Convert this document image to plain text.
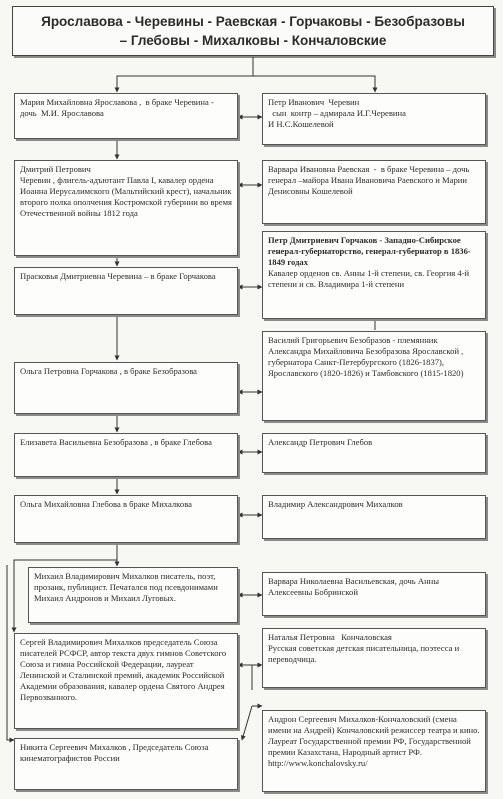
Ярославова - Черевины - Раевская - Горчаковы - Безобразовы
– Глебовы - Михалковы - Кончаловские
Мария Михайловна Ярославова ,  в браке Черевина - дочь  М.И. Ярославова
Петр Иванович  Черевин
сын  контр – адмирала И.Г.Черевина
И Н.С.Кошелевой
Дмитрий Петрович
Черевин , флигель-адъютант Павла I, кавалер ордена Иоанна Иерусалимского (Мальтийский крест), начальник второго полка ополчения Костромской губернии во время Отечественной войны 1812 года
Варвара Ивановна Раевская  -  в браке Черевина – дочь  генерал –майора Ивана Ивановича Раевского и Марии Денисовны Кошелевой
Петр Дмитриевич Горчаков - Западно-Сибирское генерал-губернаторство, генерал-губернатор в 1836-1849 годах
Кавалер орденов св. Анны 1-й степени, св. Георгия 4-й степени и св. Владимира 1-й степени
Прасковья Дмитриевна Черевина – в браке Горчакова
Василий Григорьевич Безобразов - племянник Александра Михайловича Безобразова Ярославской , губернатора Санкт-Петербургского (1826-1837), Ярославского (1820-1826) и Тамбовского (1815-1820)
Ольга Петровна Горчакова , в браке Безобразова
Елизавета Васильевна Безобразова , в браке Глебова	Александр Петрович Глебов
Ольга Михайловна Глебова в браке Михалкова	Владимир Александрович Михалков
Михаил Владимирович Михалков писатель, поэт, прозаик, публицист. Печатался под псевдонимами Михаил Андронов и Михаил Луговых.
Варвара Николаевна Васильевская, дочь Анны Алексеевны Бобринской
Сергей Владимирович Михалков председатель Союза писателей РСФСР, автор текста двух гимнов Советского Союза и гимна Российской Федерации, лауреат Ленинской и Сталинской премий, академик Российской Академии образования, кавалер ордена Святого Андрея Первозванного.
Наталья Петровна   Кончаловская
Русская советская детская писательница, поэтесса и переводчица.
Андрон Сергеевич Михалков-Кончаловский (смена имени на Андрей) Кончаловский режиссер театра и кино. Лауреат Государственной премии РФ, Государственной премии Казахстана, Народный артист РФ. http://www.konchalovsky.ru/
Никита Сергеевич Михалков , Председатель Союза кинематографистов России
